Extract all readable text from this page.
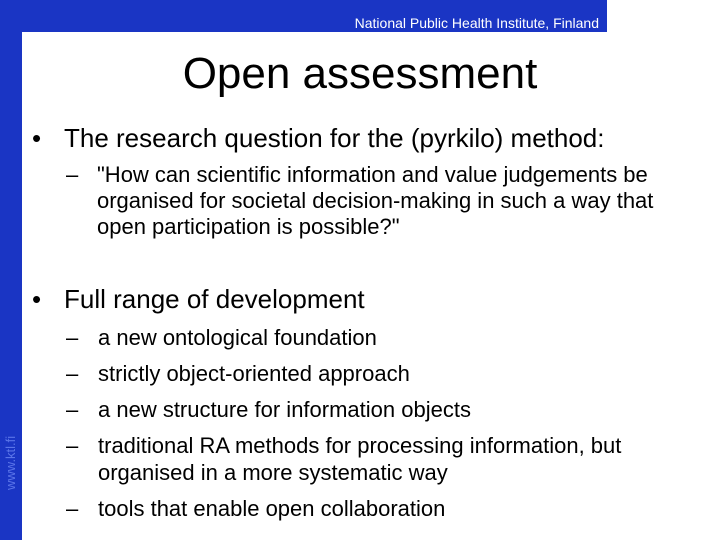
National Public Health Institute, Finland
www.ktl.fi
Open assessment
• The research question for the (pyrkilo) method:
– "How can scientific information and value judgements be organised for societal decision-making in such a way that open participation is possible?"
• Full range of development
– a new ontological foundation
– strictly object-oriented approach
– a new structure for information objects
– traditional RA methods for processing information, but organised in a more systematic way
– tools that enable open collaboration
